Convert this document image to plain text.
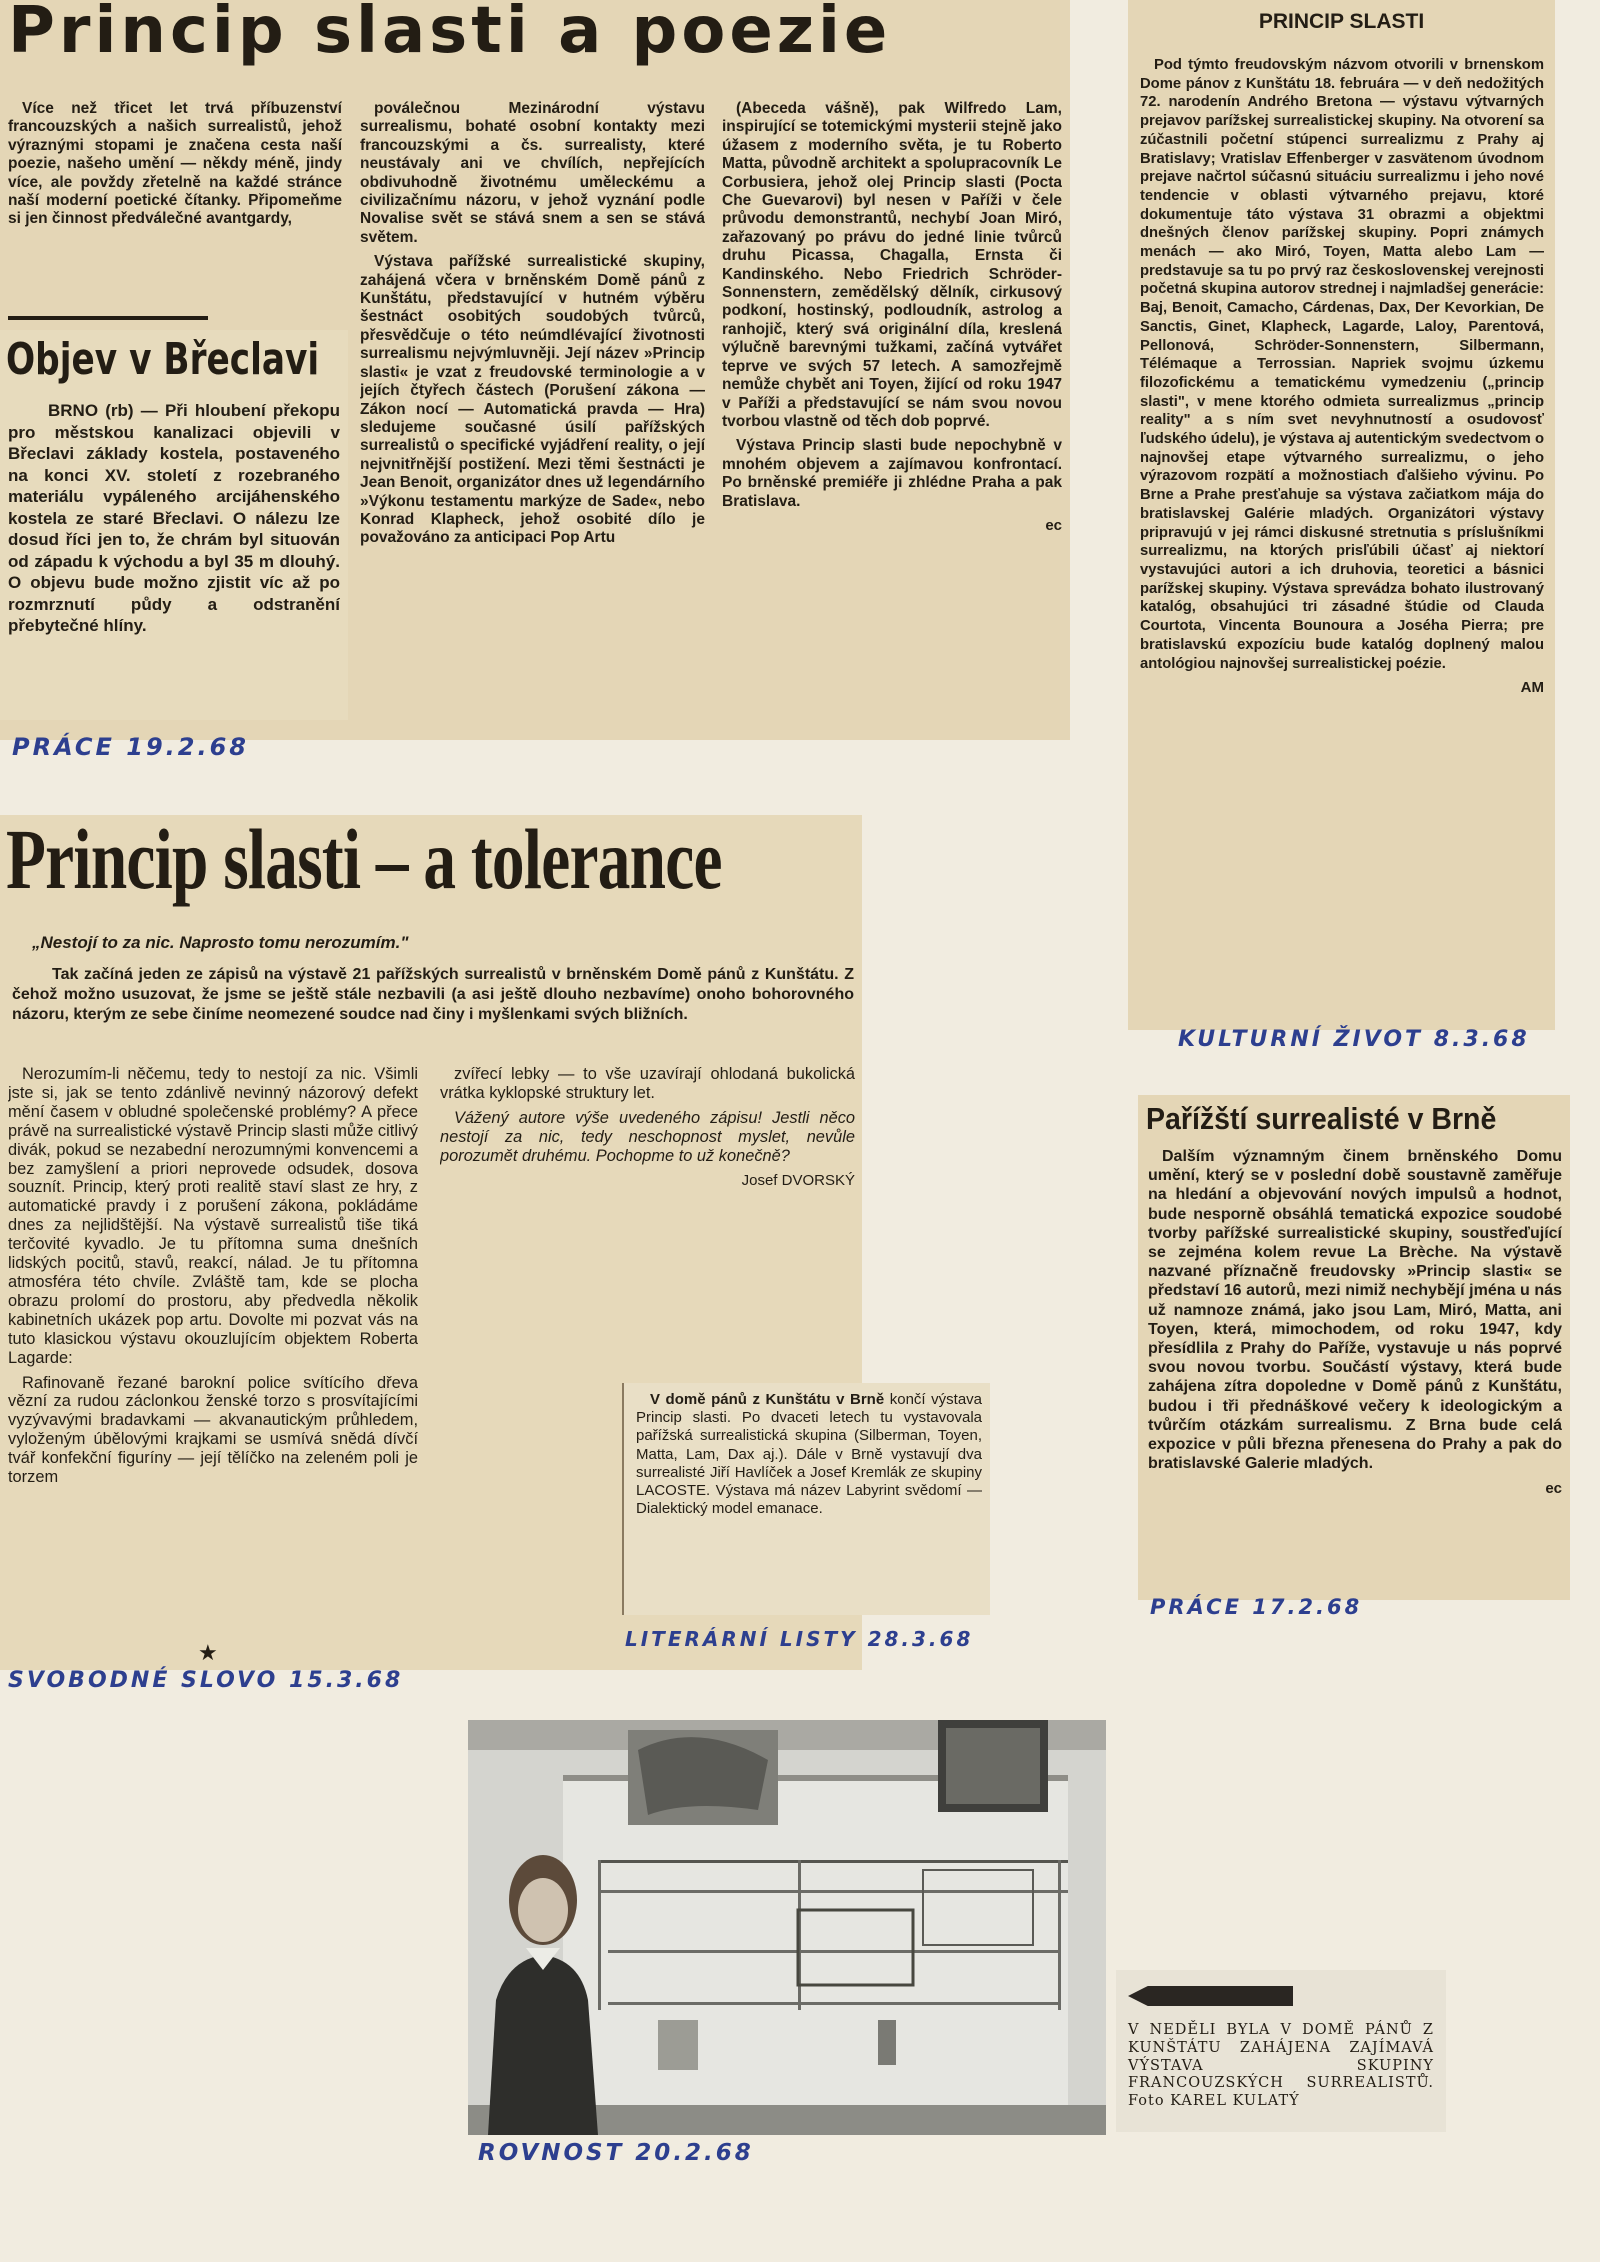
Princip slasti a poezie

Více než třicet let trvá příbuzenství francouzských a našich surrealistů, jehož výraznými stopami je značena cesta naší poezie, našeho umění — někdy méně, jindy více, ale povždy zřetelně na každé stránce naší moderní poetické čítanky. Připomeňme si jen činnost předválečné avantgardy,

poválečnou Mezinárodní výstavu surrealismu, bohaté osobní kontakty mezi francouzskými a čs. surrealisty, které neustávaly ani ve chvílích, nepřejících obdivuhodně životnému uměleckému a civilizačnímu názoru, v jehož vyznání podle Novalise svět se stává snem a sen se stává světem.

Výstava pařížské surrealistické skupiny, zahájená včera v brněnském Domě pánů z Kunštátu, představující v hutném výběru šestnáct osobitých soudobých tvůrců, přesvědčuje o této neúmdlévající životnosti surrealismu nejvýmluvněji. Její název »Princip slasti« je vzat z freudovské terminologie a v jejích čtyřech částech (Porušení zákona — Zákon nocí — Automatická pravda — Hra) sledujeme současné úsilí pařížských surrealistů o specifické vyjádření reality, o její nejvnitřnější postižení. Mezi těmi šestnácti je Jean Benoit, organizátor dnes už legendárního »Výkonu testamentu markýze de Sade«, nebo Konrad Klapheck, jehož osobité dílo je považováno za anticipaci Pop Artu

(Abeceda vášně), pak Wilfredo Lam, inspirující se totemickými mysterii stejně jako úžasem z moderního světa, je tu Roberto Matta, původně architekt a spolupracovník Le Corbusiera, jehož olej Princip slasti (Pocta Che Guevarovi) byl nesen v Paříži v čele průvodu demonstrantů, nechybí Joan Miró, zařazovaný po právu do jedné linie tvůrců druhu Picassa, Chagalla, Ernsta či Kandinského. Nebo Friedrich Schröder-Sonnenstern, zemědělský dělník, cirkusový podkoní, hostinský, podloudník, astrolog a ranhojič, který svá originální díla, kreslená výlučně barevnými tužkami, začíná vytvářet teprve ve svých 57 letech. A samozřejmě nemůže chybět ani Toyen, žijící od roku 1947 v Paříži a představující se nám svou novou tvorbou vlastně od těch dob poprvé.

Výstava Princip slasti bude nepochybně v mnohém objevem a zajímavou konfrontací. Po brněnské premiéře ji zhlédne Praha a pak Bratislava.

ec
Objev v Břeclavi

BRNO (rb) — Při hloubení překopu pro městskou kanalizaci objevili v Břeclavi základy kostela, postaveného na konci XV. století z rozebraného materiálu vypáleného arcijáhenského kostela ze staré Břeclavi. O nálezu lze dosud říci jen to, že chrám byl situován od západu k východu a byl 35 m dlouhý. O objevu bude možno zjistit víc až po rozmrznutí půdy a odstranění přebytečné hlíny.

PRÁCE 19.2.68
PRINCIP SLASTI

Pod týmto freudovským názvom otvorili v brnenskom Dome pánov z Kunštátu 18. februára — v deň nedožitých 72. narodenín Andrého Bretona — výstavu výtvarných prejavov parížskej surrealistickej skupiny. Na otvorení sa zúčastnili početní stúpenci surrealizmu z Prahy aj Bratislavy; Vratislav Effenberger v zasvätenom úvodnom prejave načrtol súčasnú situáciu surrealizmu i jeho nové tendencie v oblasti výtvarného prejavu, ktoré dokumentuje táto výstava 31 obrazmi a objektmi dnešných členov parížskej skupiny. Popri známych menách — ako Miró, Toyen, Matta alebo Lam — predstavuje sa tu po prvý raz československej verejnosti početná skupina autorov strednej i najmladšej generácie: Baj, Benoit, Camacho, Cárdenas, Dax, Der Kevorkian, De Sanctis, Ginet, Klapheck, Lagarde, Laloy, Parentová, Pellonová, Schröder-Sonnenstern, Silbermann, Télémaque a Terrossian. Napriek svojmu úzkemu filozofickému a tematickému vymedzeniu („princip slasti", v mene ktorého odmieta surrealizmus „princip reality" a s ním svet nevyhnutností a osudovosť ľudského údelu), je výstava aj autentickým svedectvom o najnovšej etape výtvarného surrealizmu, o jeho výrazovom rozpätí a možnostiach ďalšieho vývinu. Po Brne a Prahe presťahuje sa výstava začiatkom mája do bratislavskej Galérie mladých. Organizátori výstavy pripravujú v jej rámci diskusné stretnutia s príslušníkmi surrealizmu, na ktorých prisľúbili účasť aj niektorí vystavujúci autori a ich druhovia, teoretici a básnici parížskej skupiny. Výstava sprevádza bohato ilustrovaný katalóg, obsahujúci tri zásadné štúdie od Clauda Courtota, Vincenta Bounoura a Joséha Pierra; pre bratislavskú expozíciu bude katalóg doplnený malou antológiou najnovšej surrealistickej poézie.

AM
KULTURNÍ ŽIVOT 8.3.68
Princip slasti – a tolerance
„Nestojí to za nic. Naprosto tomu nerozumím."

Tak začíná jeden ze zápisů na výstavě 21 pařížských surrealistů v brněnském Domě pánů z Kunštátu. Z čehož možno usuzovat, že jsme se ještě stále nezbavili (a asi ještě dlouho nezbavíme) onoho bohorovného názoru, kterým ze sebe činíme neomezené soudce nad činy i myšlenkami svých bližních.

Nerozumím-li něčemu, tedy to nestojí za nic. Všimli jste si, jak se tento zdánlivě nevinný názorový defekt mění časem v obludné společenské problémy? A přece právě na surrealistické výstavě Princip slasti může citlivý divák, pokud se nezabední nerozumnými konvencemi a bez zamyšlení a priori neprovede odsudek, dosova souznít. Princip, který proti realitě staví slast ze hry, z automatické pravdy i z porušení zákona, pokládáme dnes za nejlidštější. Na výstavě surrealistů tiše tiká terčovité kyvadlo. Je tu přítomna suma dnešních lidských pocitů, stavů, reakcí, nálad. Je tu přítomna atmosféra této chvíle. Zvláště tam, kde se plocha obrazu prolomí do prostoru, aby předvedla několik kabinetních ukázek pop artu. Dovolte mi pozvat vás na tuto klasickou výstavu okouzlujícím objektem Roberta Lagarde:

Rafinovaně řezané barokní police svítícího dřeva vězní za rudou záclonkou ženské torzo s prosvítajícími vyzývavými bradavkami — akvanautickým průhledem, vyloženým úbělovými krajkami se usmívá snědá dívčí tvář konfekční figuríny — její tělíčko na zeleném poli je torzem

zvířecí lebky — to vše uzavírají ohlodaná bukolická vrátka kyklopské struktury let.

Vážený autore výše uvedeného zápisu! Jestli něco nestojí za nic, tedy neschopnost myslet, nevůle porozumět druhému. Pochopme to už konečně?

Josef DVORSKÝ
★
SVOBODNÉ SLOVO 15.3.68

V domě pánů z Kunštátu v Brně končí výstava Princip slasti. Po dvaceti letech tu vystavovala pařížská surrealistická skupina (Silberman, Toyen, Matta, Lam, Dax aj.). Dále v Brně vystavují dva surrealisté Jiří Havlíček a Josef Kremlák ze skupiny LACOSTE. Výstava má název Labyrint svědomí — Dialektický model emanace.

LITERÁRNÍ LISTY 28.3.68
Pařížští surrealisté v Brně

Dalším významným činem brněnského Domu umění, který se v poslední době soustavně zaměřuje na hledání a objevování nových impulsů a hodnot, bude nesporně obsáhlá tematická expozice soudobé tvorby pařížské surrealistické skupiny, soustřeďující se zejména kolem revue La Brèche. Na výstavě nazvané příznačně freudovsky »Princip slasti« se představí 16 autorů, mezi nimiž nechybějí jména u nás už namnoze známá, jako jsou Lam, Miró, Matta, ani Toyen, která, mimochodem, od roku 1947, kdy přesídlila z Prahy do Paříže, vystavuje u nás poprvé svou novou tvorbu. Součástí výstavy, která bude zahájena zítra dopoledne v Domě pánů z Kunštátu, budou i tři přednáškové večery k ideologickým a tvůrčím otázkám surrealismu. Z Brna bude celá expozice v půli března přenesena do Prahy a pak do bratislavské Galerie mladých.

ec
PRÁCE 17.2.68
V NEDĚLI BYLA V DOMĚ PÁNŮ Z KUNŠTÁTU ZAHÁJENA ZAJÍMAVÁ VÝSTAVA SKUPINY FRANCOUZSKÝCH SURREALISTŮ. Foto KAREL KULATÝ
ROVNOST 20.2.68
